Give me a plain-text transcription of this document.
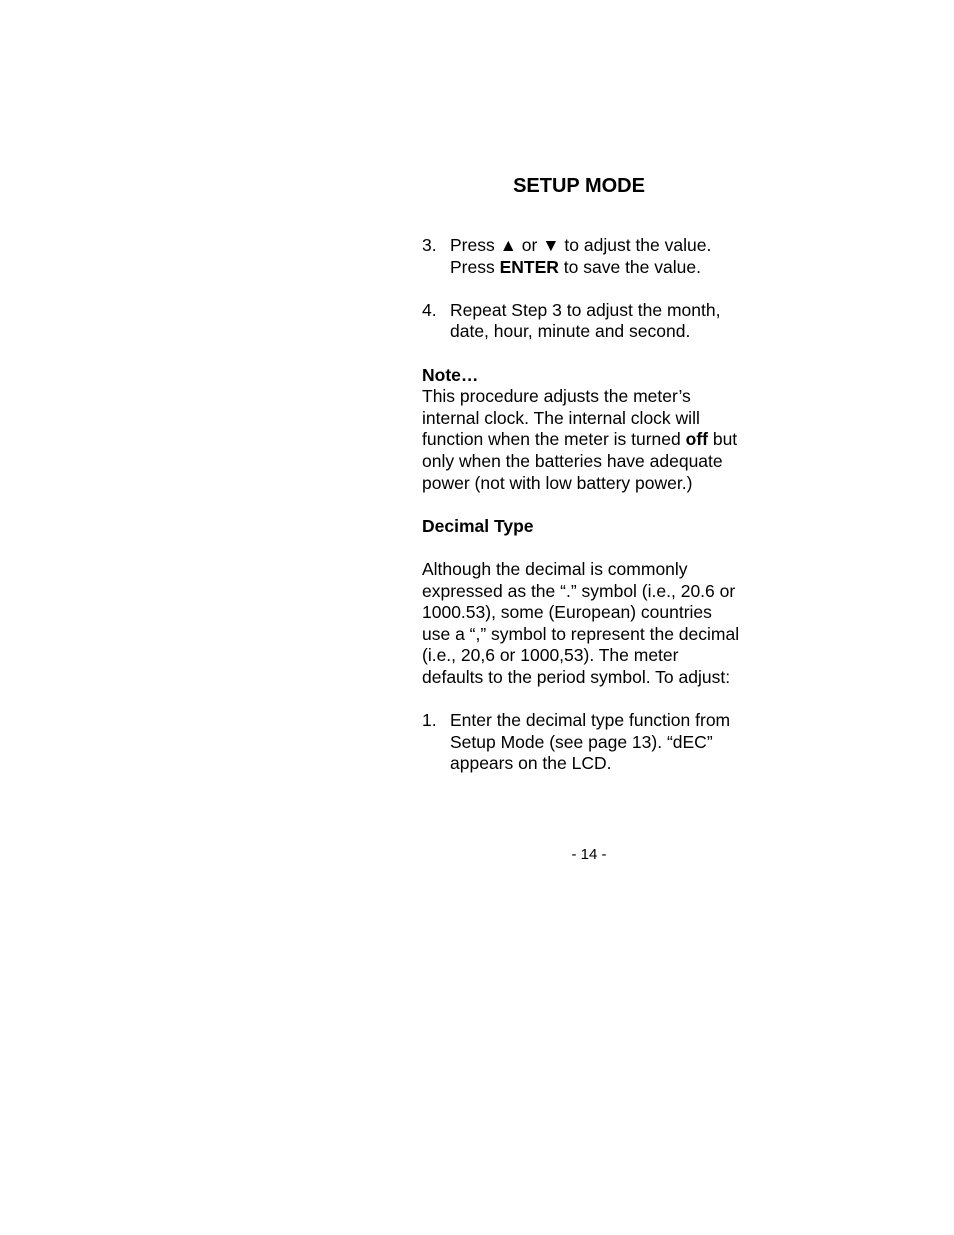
SETUP MODE
3. Press ▲ or ▼ to adjust the value.
Press ENTER to save the value.
4. Repeat Step 3 to adjust the month, date, hour, minute and second.

Note…

This procedure adjusts the meter’s internal clock. The internal clock will function when the meter is turned off but only when the batteries have adequate power (not with low battery power.)

Decimal Type

Although the decimal is commonly expressed as the “.” symbol (i.e., 20.6 or 1000.53), some (European) countries use a “,” symbol to represent the decimal (i.e., 20,6 or 1000,53). The meter defaults to the period symbol. To adjust:

1. Enter the decimal type function from Setup Mode (see page 13). “dEC” appears on the LCD.
- 14 -
